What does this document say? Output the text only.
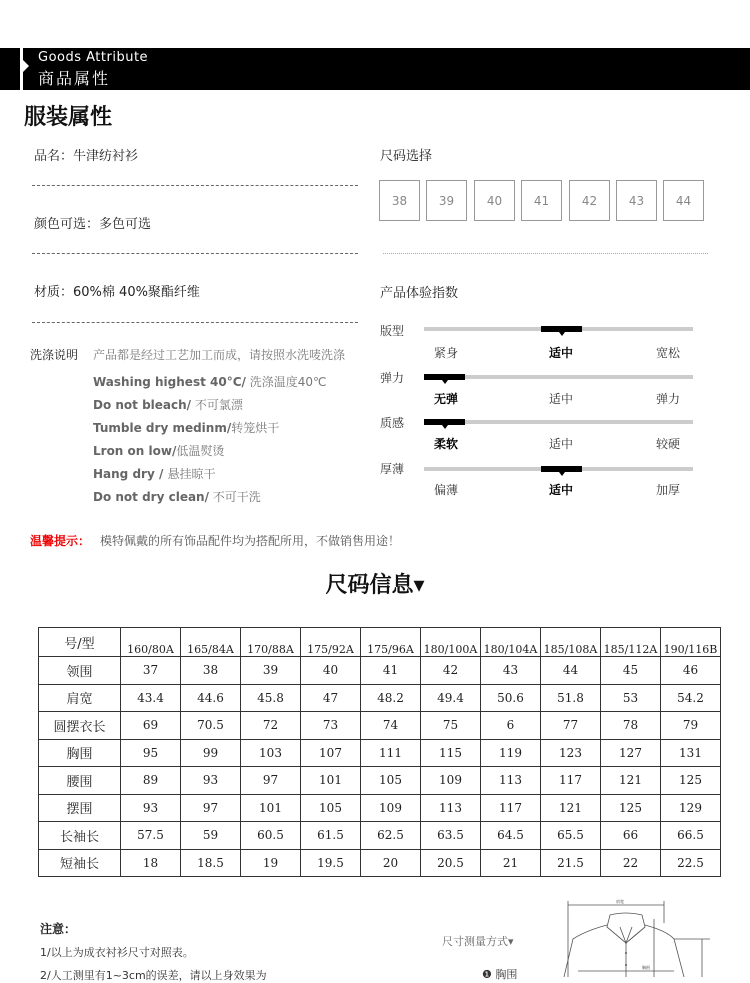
Goods Attribute
商品属性
服装属性
品名：牛津纺衬衫
颜色可选：多色可选
材质：60%棉 40%聚酯纤维
洗涤说明 产品都是经过工艺加工而成，请按照水洗唛洗涤
Washing highest 40°C/ 洗涤温度40℃
Do not bleach/ 不可氯漂
Tumble dry medinm/转笼烘干
Lron on low/低温熨烫
Hang dry / 悬挂晾干
Do not dry clean/ 不可干洗
尺码选择
38	39	40	41	42	43	44
产品体验指数
版型
紧身	适中	宽松
弹力
无弹	适中	弹力
质感
柔软	适中	较硬
厚薄
偏薄	适中	加厚
温馨提示： 模特佩戴的所有饰品配件均为搭配所用，不做销售用途！
尺码信息▾
号/型	160/80A	165/84A	170/88A	175/92A	175/96A	180/100A	180/104A	185/108A	185/112A	190/116B
领围	37	38	39	40	41	42	43	44	45	46
肩宽	43.4	44.6	45.8	47	48.2	49.4	50.6	51.8	53	54.2
圆摆衣长	69	70.5	72	73	74	75	6	77	78	79
胸围	95	99	103	107	111	115	119	123	127	131
腰围	89	93	97	101	105	109	113	117	121	125
摆围	93	97	101	105	109	113	117	121	125	129
长袖长	57.5	59	60.5	61.5	62.5	63.5	64.5	65.5	66	66.5
短袖长	18	18.5	19	19.5	20	20.5	21	21.5	22	22.5
注意：
1/以上为成衣衬衫尺寸对照表。
2/人工测里有1~3cm的误差，请以上身效果为
尺寸测量方式▾
❶ 胸围
肩宽
胸围
